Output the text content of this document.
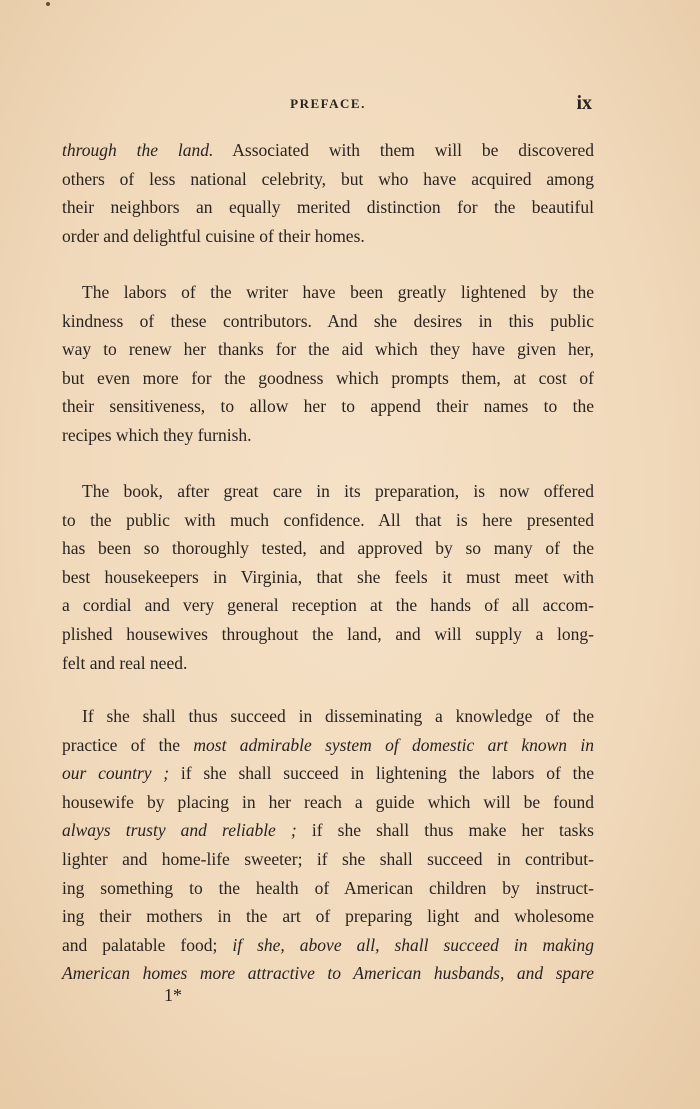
PREFACE.	ix
through the land. Associated with them will be discovered
others of less national celebrity, but who have acquired among
their neighbors an equally merited distinction for the beautiful
order and delightful cuisine of their homes.
The labors of the writer have been greatly lightened by the
kindness of these contributors. And she desires in this public
way to renew her thanks for the aid which they have given her,
but even more for the goodness which prompts them, at cost of
their sensitiveness, to allow her to append their names to the
recipes which they furnish.
The book, after great care in its preparation, is now offered
to the public with much confidence. All that is here presented
has been so thoroughly tested, and approved by so many of the
best housekeepers in Virginia, that she feels it must meet with
a cordial and very general reception at the hands of all accom-
plished housewives throughout the land, and will supply a long-
felt and real need.
If she shall thus succeed in disseminating a knowledge of the
practice of the most admirable system of domestic art known in
our country ; if she shall succeed in lightening the labors of the
housewife by placing in her reach a guide which will be found
always trusty and reliable ; if she shall thus make her tasks
lighter and home-life sweeter; if she shall succeed in contribut-
ing something to the health of American children by instruct-
ing their mothers in the art of preparing light and wholesome
and palatable food; if she, above all, shall succeed in making
American homes more attractive to American husbands, and spare
1*
